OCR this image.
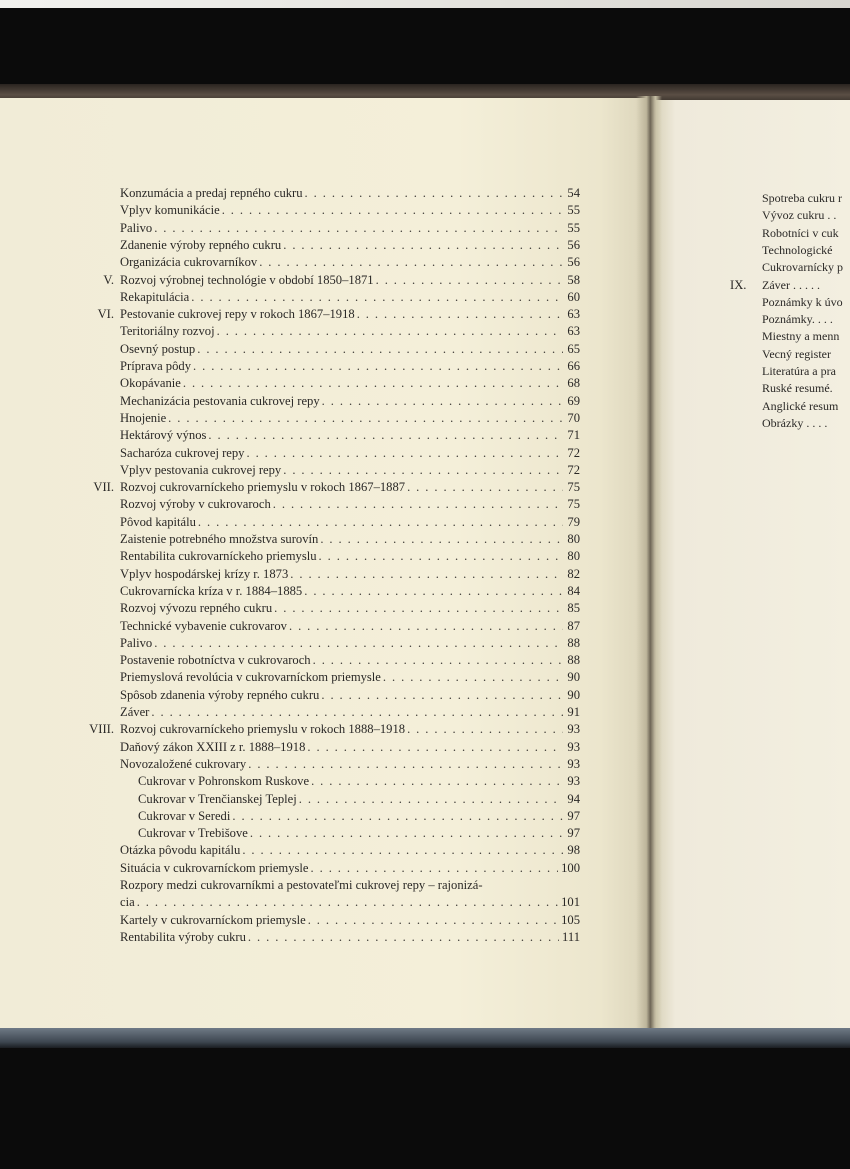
Konzumácia a predaj repného cukru . . .	54
Vplyv komunikácie . . .	55
Palivo . . .	55
Zdanenie výroby repného cukru . . .	56
Organizácia cukrovarníkov . . .	56
V. Rozvoj výrobnej technológie v období 1850–1871 . . .	58
Rekapitulácia . . .	60
VI. Pestovanie cukrovej repy v rokoch 1867–1918 . . .	63
Teritoriálny rozvoj . . .	63
Osevný postup . . .	65
Príprava pôdy . . .	66
Okopávanie . . .	68
Mechanizácia pestovania cukrovej repy . . .	69
Hnojenie . . .	70
Hektárový výnos . . .	71
Sacharóza cukrovej repy . . .	72
Vplyv pestovania cukrovej repy . . .	72
VII. Rozvoj cukrovarníckeho priemyslu v rokoch 1867–1887 . . .	75
Rozvoj výroby v cukrovaroch . . .	75
Pôvod kapitálu . . .	79
Zaistenie potrebného množstva surovín . . .	80
Rentabilita cukrovarníckeho priemyslu . . .	80
Vplyv hospodárskej krízy r. 1873 . . .	82
Cukrovarnícka kríza v r. 1884–1885 . . .	84
Rozvoj vývozu repného cukru . . .	85
Technické vybavenie cukrovarov . . .	87
Palivo . . .	88
Postavenie robotníctva v cukrovaroch . . .	88
Priemyslová revolúcia v cukrovarníckom priemysle . . .	90
Spôsob zdanenia výroby repného cukru . . .	90
Záver . . .	91
VIII. Rozvoj cukrovarníckeho priemyslu v rokoch 1888–1918 . . .	93
Daňový zákon XXIII z r. 1888–1918 . . .	93
Novozaložené cukrovary . . .	93
Cukrovar v Pohronskom Ruskove . . .	93
Cukrovar v Trenčianskej Teplej . . .	94
Cukrovar v Seredi . . .	97
Cukrovar v Trebišove . . .	97
Otázka pôvodu kapitálu . . .	98
Situácia v cukrovarníckom priemysle . . .	100
Rozpory medzi cukrovarníkmi a pestovateľmi cukrovej repy – rajonizá-
cia . . .	101
Kartely v cukrovarníckom priemysle . . .	105
Rentabilita výroby cukru . . .	111
Spotreba cukru r
Vývoz cukru . .
Robotníci v cuk
Technologické
Cukrovarnícky p
IX. Záver . . . . .
Poznámky k úvo
Poznámky. . . .
Miestny a menn
Vecný register
Literatúra a pra
Ruské resumé.
Anglické resum
Obrázky . . . .
